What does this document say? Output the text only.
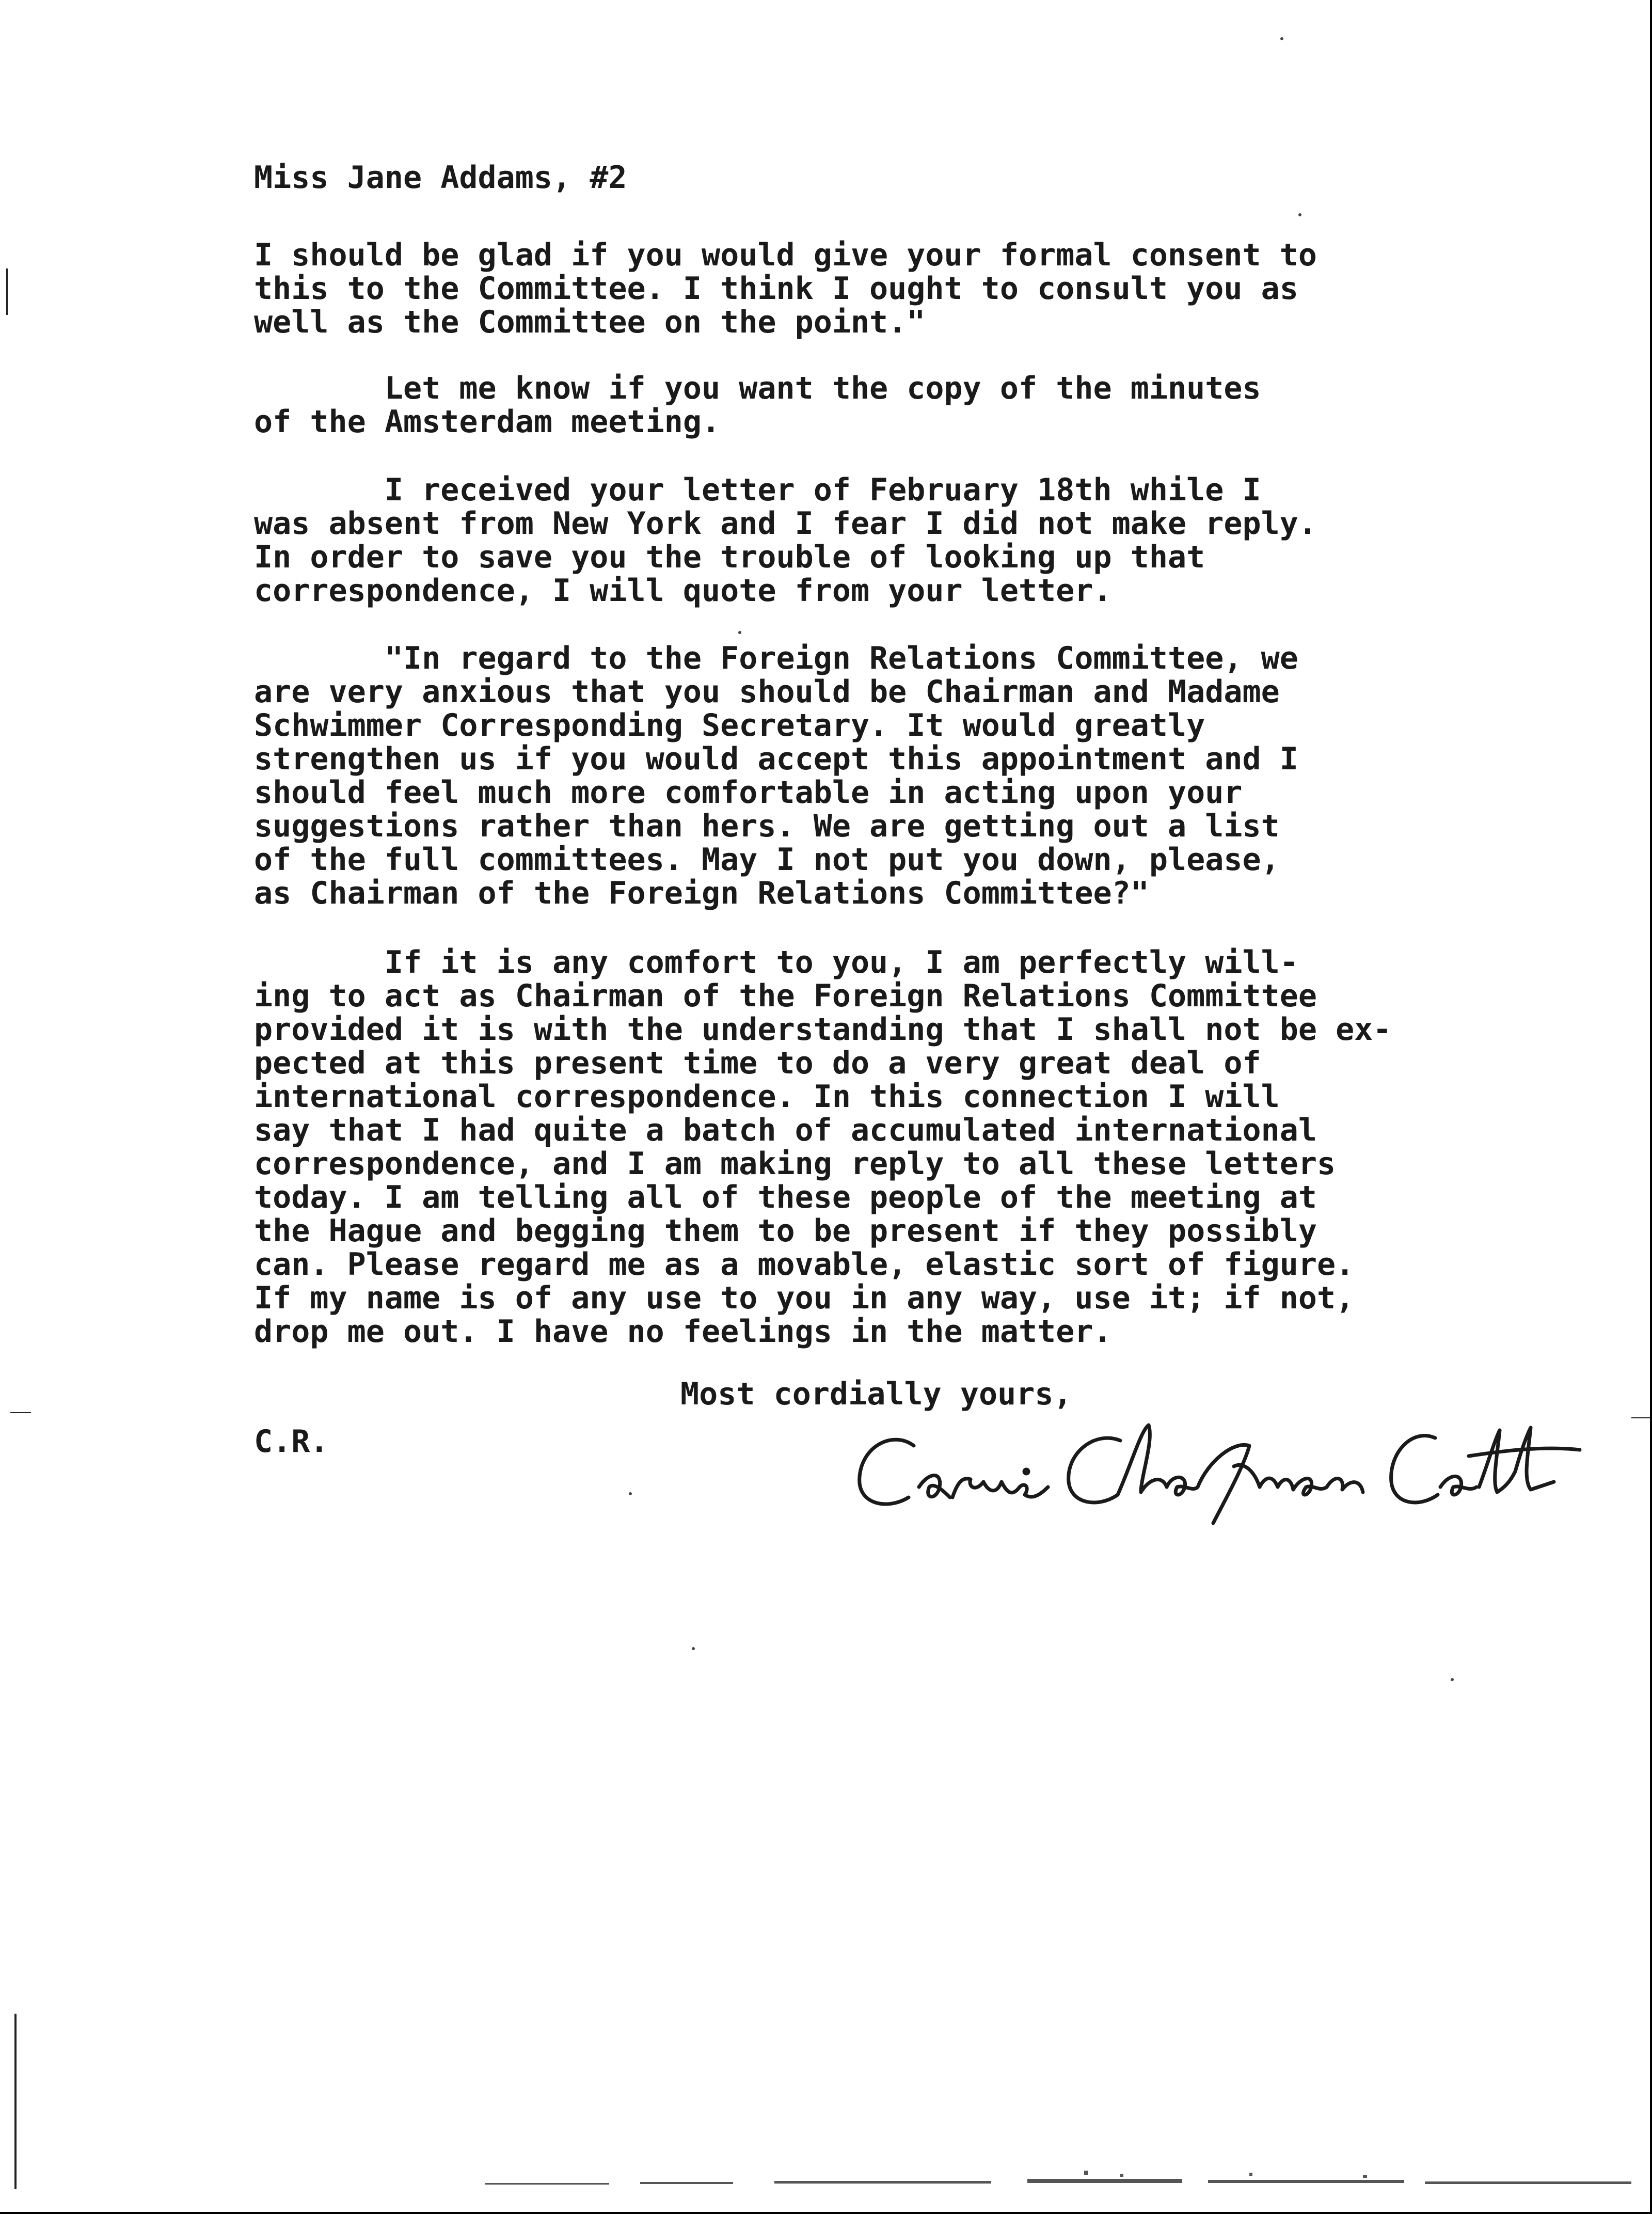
Miss Jane Addams, #2

I should be glad if you would give your formal consent to
this to the Committee. I think I ought to consult you as
well as the Committee on the point."

Let me know if you want the copy of the minutes
of the Amsterdam meeting.

I received your letter of February 18th while I
was absent from New York and I fear I did not make reply.
In order to save you the trouble of looking up that
correspondence, I will quote from your letter.

"In regard to the Foreign Relations Committee, we
are very anxious that you should be Chairman and Madame
Schwimmer Corresponding Secretary. It would greatly
strengthen us if you would accept this appointment and I
should feel much more comfortable in acting upon your
suggestions rather than hers. We are getting out a list
of the full committees. May I not put you down, please,
as Chairman of the Foreign Relations Committee?"

If it is any comfort to you, I am perfectly will-
ing to act as Chairman of the Foreign Relations Committee
provided it is with the understanding that I shall not be ex-
pected at this present time to do a very great deal of
international correspondence. In this connection I will
say that I had quite a batch of accumulated international
correspondence, and I am making reply to all these letters
today. I am telling all of these people of the meeting at
the Hague and begging them to be present if they possibly
can. Please regard me as a movable, elastic sort of figure.
If my name is of any use to you in any way, use it; if not,
drop me out. I have no feelings in the matter.

Most cordially yours,

C.R.
